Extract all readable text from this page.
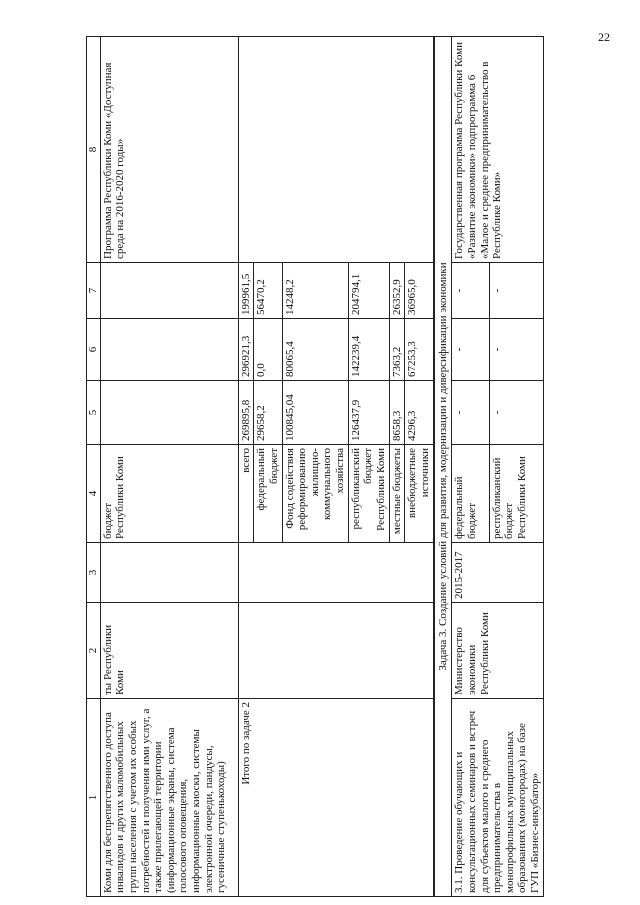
22
1	2	3	4	5	6	7	8
Коми для беспрепятственного доступа инвалидов и других маломобильных групп населения с учетом их особых потребностей и получения ими услуг, а также прилегающей территории (информационные экраны, система голосового оповещения, информационные киоски, системы электронной очереди, пандусы, гусеничные ступенькоходы)	ты Республики Коми		бюджет Республики Коми				Программа Республики Коми «Доступная среда на 2016-2020 годы»
Итого по задаче 2			всего	269895,8	296921,3	199961,5	
			федеральный бюджет	29658,2	0,0	56470,2	
			Фонд содействия реформированию жилищно-коммунального хозяйства	100845,04	80065,4	14248,2	
			республиканский бюджет Республики Коми	126437,9	142239,4	204794,1	
			местные бюджеты	8658,3	7363,2	26352,9	
			внебюджетные источники	4296,3	67253,3	36965,0	
Задача 3. Создание условий для развития, модернизации и диверсификации экономики							
3.1. Проведение обучающих и консультационных семинаров и встреч для субъектов малого и среднего предпринимательства в монопрофильных муниципальных образованиях (моногородах) на базе ГУП «Бизнес-инкубатор»	Министерство экономики Республики Коми	2015-2017	федеральный бюджет	-	-	-	Государственная программа Республики Коми «Развитие экономики» подпрограмма 6 «Малое и среднее предпринимательство в Республике Коми»
			республиканский бюджет Республики Коми	-	-	-	
